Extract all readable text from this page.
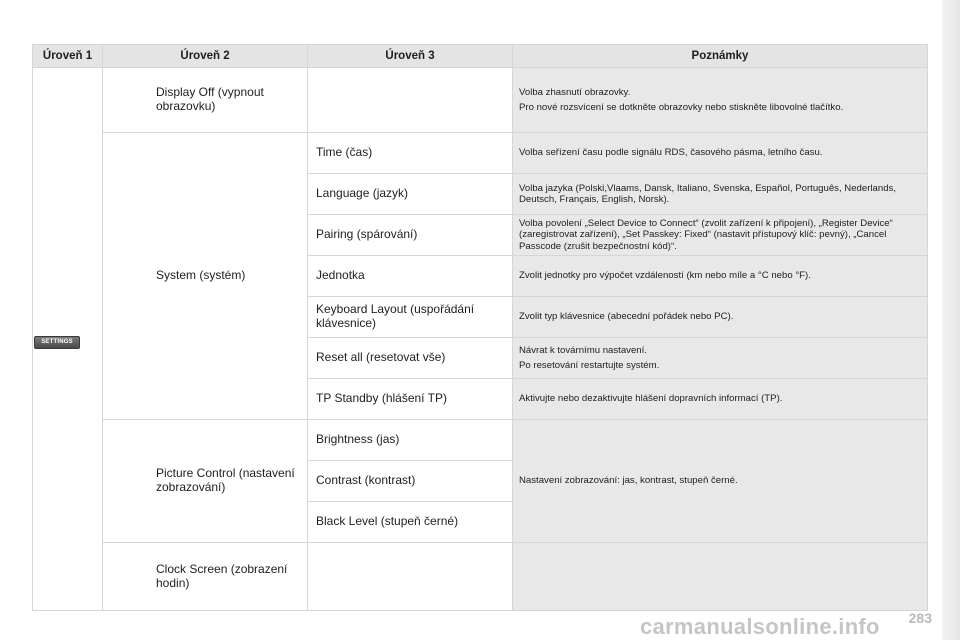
Úroveň 1	Úroveň 2	Úroveň 3	Poznámky
SETTINGS	Display Off (vypnout obrazovku)		Volba zhasnutí obrazovky.

Pro nové rozsvícení se dotkněte obrazovky nebo stiskněte libovolné tlačítko.

	System (systém)	Time (čas)	Volba seřízení času podle signálu RDS, časového pásma, letního času.

		Language (jazyk)	Volba jazyka (Polski,Vlaams, Dansk, Italiano, Svenska, Español, Português, Nederlands, Deutsch, Français, English, Norsk).

		Pairing (spárování)	Volba povolení „Select Device to Connect“ (zvolit zařízení k připojení), „Register Device“ (zaregistrovat zařízení), „Set Passkey: Fixed“ (nastavit přístupový klíč: pevný), „Cancel Passcode (zrušit bezpečnostní kód)“.

		Jednotka	Zvolit jednotky pro výpočet vzdáleností (km nebo míle a °C nebo °F).

		Keyboard Layout (uspořádání klávesnice)	Zvolit typ klávesnice (abecední pořádek nebo PC).

		Reset all (resetovat vše)	Návrat k továrnímu nastavení.

Po resetování restartujte systém.

		TP Standby (hlášení TP)	Aktivujte nebo dezaktivujte hlášení dopravních informací (TP).

	Picture Control (nastavení zobrazování)	Brightness (jas)	Nastavení zobrazování: jas, kontrast, stupeň černé.

		Contrast (kontrast)	
		Black Level (stupeň černé)	
	Clock Screen (zobrazení hodin)		
283
carmanualsonline.info
